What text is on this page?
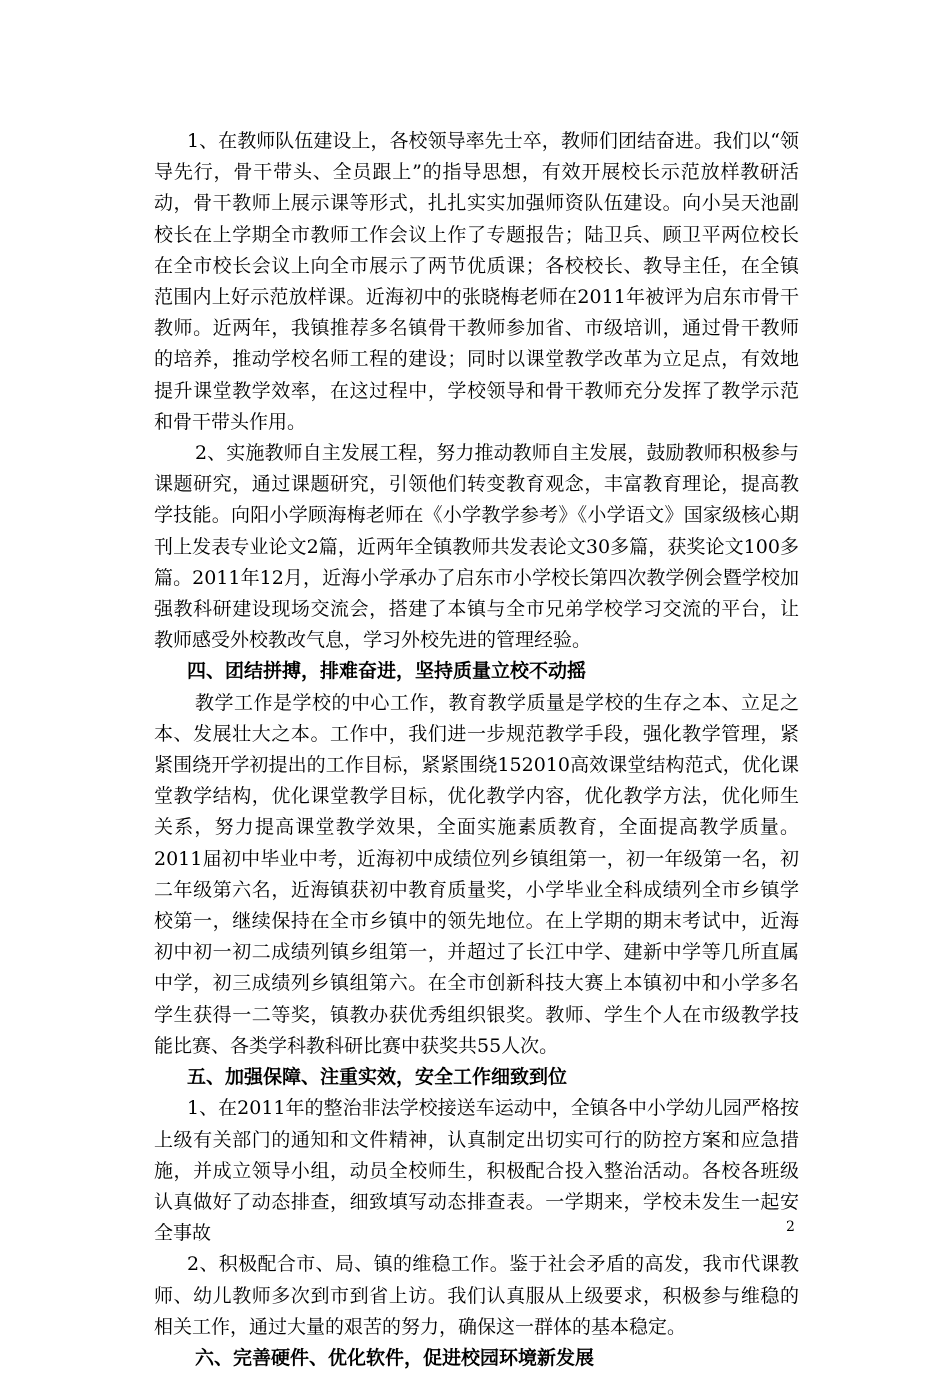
1、在教师队伍建设上，各校领导率先士卒，教师们团结奋进。我们以“领导先行，骨干带头、全员跟上”的指导思想，有效开展校长示范放样教研活动，骨干教师上展示课等形式，扎扎实实加强师资队伍建设。向小吴天池副校长在上学期全市教师工作会议上作了专题报告；陆卫兵、顾卫平两位校长在全市校长会议上向全市展示了两节优质课；各校校长、教导主任，在全镇范围内上好示范放样课。近海初中的张晓梅老师在2011年被评为启东市骨干教师。近两年，我镇推荐多名镇骨干教师参加省、市级培训，通过骨干教师的培养，推动学校名师工程的建设；同时以课堂教学改革为立足点，有效地提升课堂教学效率，在这过程中，学校领导和骨干教师充分发挥了教学示范和骨干带头作用。

2、实施教师自主发展工程，努力推动教师自主发展，鼓励教师积极参与课题研究，通过课题研究，引领他们转变教育观念，丰富教育理论，提高教学技能。向阳小学顾海梅老师在《小学教学参考》《小学语文》国家级核心期刊上发表专业论文2篇，近两年全镇教师共发表论文30多篇，获奖论文100多篇。2011年12月，近海小学承办了启东市小学校长第四次教学例会暨学校加强教科研建设现场交流会，搭建了本镇与全市兄弟学校学习交流的平台，让教师感受外校教改气息，学习外校先进的管理经验。

四、团结拼搏，排难奋进，坚持质量立校不动摇

教学工作是学校的中心工作，教育教学质量是学校的生存之本、立足之本、发展壮大之本。工作中，我们进一步规范教学手段，强化教学管理，紧紧围绕开学初提出的工作目标，紧紧围绕152010高效课堂结构范式，优化课堂教学结构，优化课堂教学目标，优化教学内容，优化教学方法，优化师生关系，努力提高课堂教学效果，全面实施素质教育，全面提高教学质量。2011届初中毕业中考，近海初中成绩位列乡镇组第一，初一年级第一名，初二年级第六名，近海镇获初中教育质量奖，小学毕业全科成绩列全市乡镇学校第一，继续保持在全市乡镇中的领先地位。在上学期的期末考试中，近海初中初一初二成绩列镇乡组第一，并超过了长江中学、建新中学等几所直属中学，初三成绩列乡镇组第六。在全市创新科技大赛上本镇初中和小学多名学生获得一二等奖，镇教办获优秀组织银奖。教师、学生个人在市级教学技能比赛、各类学科教科研比赛中获奖共55人次。

五、加强保障、注重实效，安全工作细致到位

1、在2011年的整治非法学校接送车运动中，全镇各中小学幼儿园严格按上级有关部门的通知和文件精神，认真制定出切实可行的防控方案和应急措施，并成立领导小组，动员全校师生，积极配合投入整治活动。各校各班级认真做好了动态排查，细致填写动态排查表。一学期来，学校未发生一起安全事故

2、积极配合市、局、镇的维稳工作。鉴于社会矛盾的高发，我市代课教师、幼儿教师多次到市到省上访。我们认真服从上级要求，积极参与维稳的相关工作，通过大量的艰苦的努力，确保这一群体的基本稳定。

六、完善硬件、优化软件，促进校园环境新发展

2
